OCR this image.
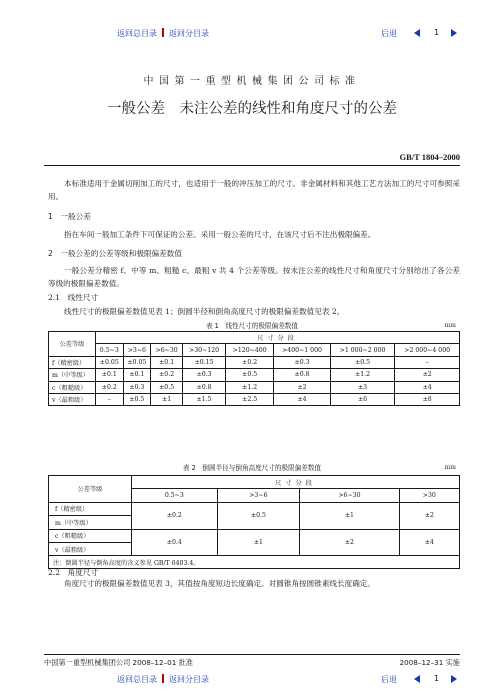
返回总目录 返回分目录	后退	1
中国第一重型机械集团公司标准
一般公差　未注公差的线性和角度尺寸的公差
GB/T 1804–2000
本标准适用于金属切削加工的尺寸，也适用于一般的冲压加工的尺寸。非金属材料和其他工艺方法加工的尺寸可参照采用。
1　一般公差
指在车间一般加工条件下可保证的公差。采用一般公差的尺寸，在该尺寸后不注出极限偏差。
2　一般公差的公差等级和极限偏差数值
一般公差分精密 f、中等 m、粗糙 c、最粗 v 共 4 个公差等级。按未注公差的线性尺寸和角度尺寸分别给出了各公差等级的极限偏差数值。
2.1　线性尺寸
线性尺寸的极限偏差数值见表 1；倒圆半径和倒角高度尺寸的极限偏差数值见表 2。
表 1　线性尺寸的极限偏差数值	mm
公差等级	尺寸分段							
	0.5~3	>3~6	>6~30	>30~120	>120~400	>400~1 000	>1 000~2 000	>2 000~4 000
f（精密级）	±0.05	±0.05	±0.1	±0.15	±0.2	±0.3	±0.5	–
m（中等级）	±0.1	±0.1	±0.2	±0.3	±0.5	±0.8	±1.2	±2
c（粗糙级）	±0.2	±0.3	±0.5	±0.8	±1.2	±2	±3	±4
v（最粗级）	–	±0.5	±1	±1.5	±2.5	±4	±6	±8
表 2　倒圆半径与倒角高度尺寸的极限偏差数值	mm
公差等级	尺寸分段			
	0.5~3	>3~6	>6~30	>30
f（精密级）	±0.2	±0.5	±1	±2
m（中等级）				
c（粗糙级）	±0.4	±1	±2	±4
v（最粗级）				
注：倒圆半径与倒角高度的含义参见 GB/T 6403.4。				
2.2　角度尺寸
角度尺寸的极限偏差数值见表 3，其值按角度短边长度确定。对圆锥角按圆锥素线长度确定。
中国第一重型机械集团公司 2008–12–01 批准	2008–12–31 实施
返回总目录 返回分目录	后退	1
